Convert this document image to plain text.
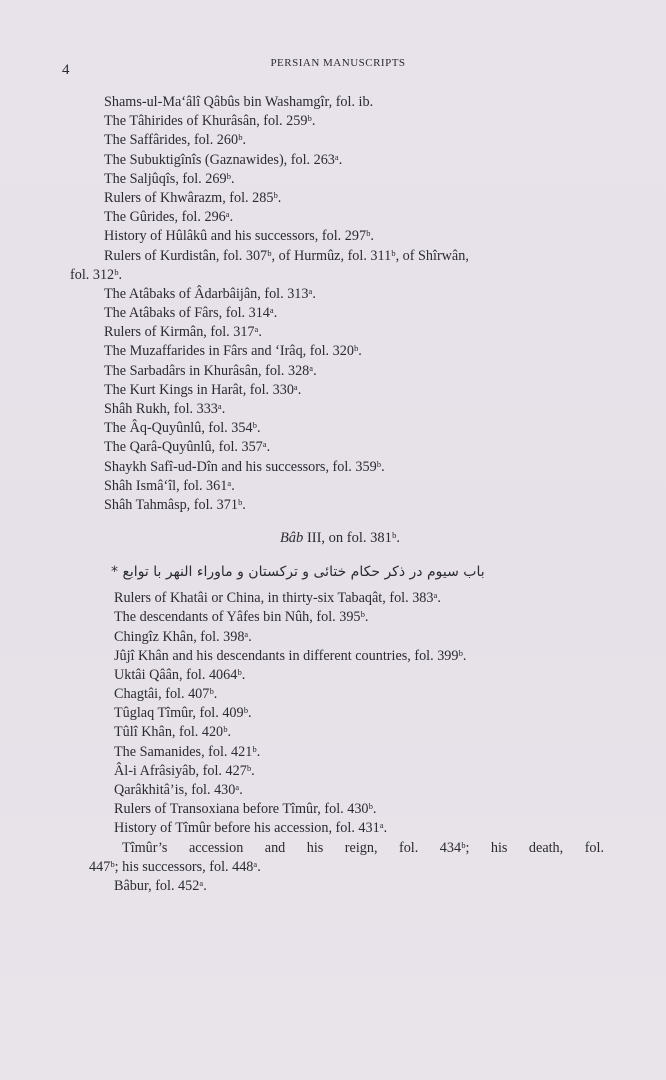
4	PERSIAN MANUSCRIPTS
Shams-ul-Ma‘âlî Qâbûs bin Washamgîr, fol. ib.
The Tâhirides of Khurâsân, fol. 259ᵇ.
The Saffârides, fol. 260ᵇ.
The Subuktigînîs (Gaznawides), fol. 263ᵃ.
The Saljûqîs, fol. 269ᵇ.
Rulers of Khwârazm, fol. 285ᵇ.
The Gûrides, fol. 296ᵃ.
History of Hûlâkû and his successors, fol. 297ᵇ.
Rulers of Kurdistân, fol. 307ᵇ, of Hurmûz, fol. 311ᵇ, of Shîrwân,
fol. 312ᵇ.
The Atâbaks of Âdarbâijân, fol. 313ᵃ.
The Atâbaks of Fârs, fol. 314ᵃ.
Rulers of Kirmân, fol. 317ᵃ.
The Muzaffarides in Fârs and ‘Irâq, fol. 320ᵇ.
The Sarbadârs in Khurâsân, fol. 328ᵃ.
The Kurt Kings in Harât, fol. 330ᵃ.
Shâh Rukh, fol. 333ᵃ.
The Âq-Quyûnlû, fol. 354ᵇ.
The Qarâ-Quyûnlû, fol. 357ᵃ.
Shaykh Safî-ud-Dîn and his successors, fol. 359ᵇ.
Shâh Ismâ‘îl, fol. 361ᵃ.
Shâh Tahmâsp, fol. 371ᵇ.
Bâb III, on fol. 381ᵇ.
باب سیوم در ذکر حکام ختائی و ترکستان و ماوراء النهر با توابع *
Rulers of Khatâi or China, in thirty-six Tabaqât, fol. 383ᵃ.
The descendants of Yâfes bin Nûh, fol. 395ᵇ.
Chingîz Khân, fol. 398ᵃ.
Jûjî Khân and his descendants in different countries, fol. 399ᵇ.
Uktâi Qâân, fol. 4064ᵇ.
Chagtâi, fol. 407ᵇ.
Tûglaq Tîmûr, fol. 409ᵇ.
Tûlî Khân, fol. 420ᵇ.
The Samanides, fol. 421ᵇ.
Âl-i Afrâsiyâb, fol. 427ᵇ.
Qarâkhitâ’is, fol. 430ᵃ.
Rulers of Transoxiana before Tîmûr, fol. 430ᵇ.
History of Tîmûr before his accession, fol. 431ᵃ.
Tîmûr’s accession and his reign, fol. 434ᵇ; his death, fol.
447ᵇ; his successors, fol. 448ᵃ.
Bâbur, fol. 452ᵃ.
